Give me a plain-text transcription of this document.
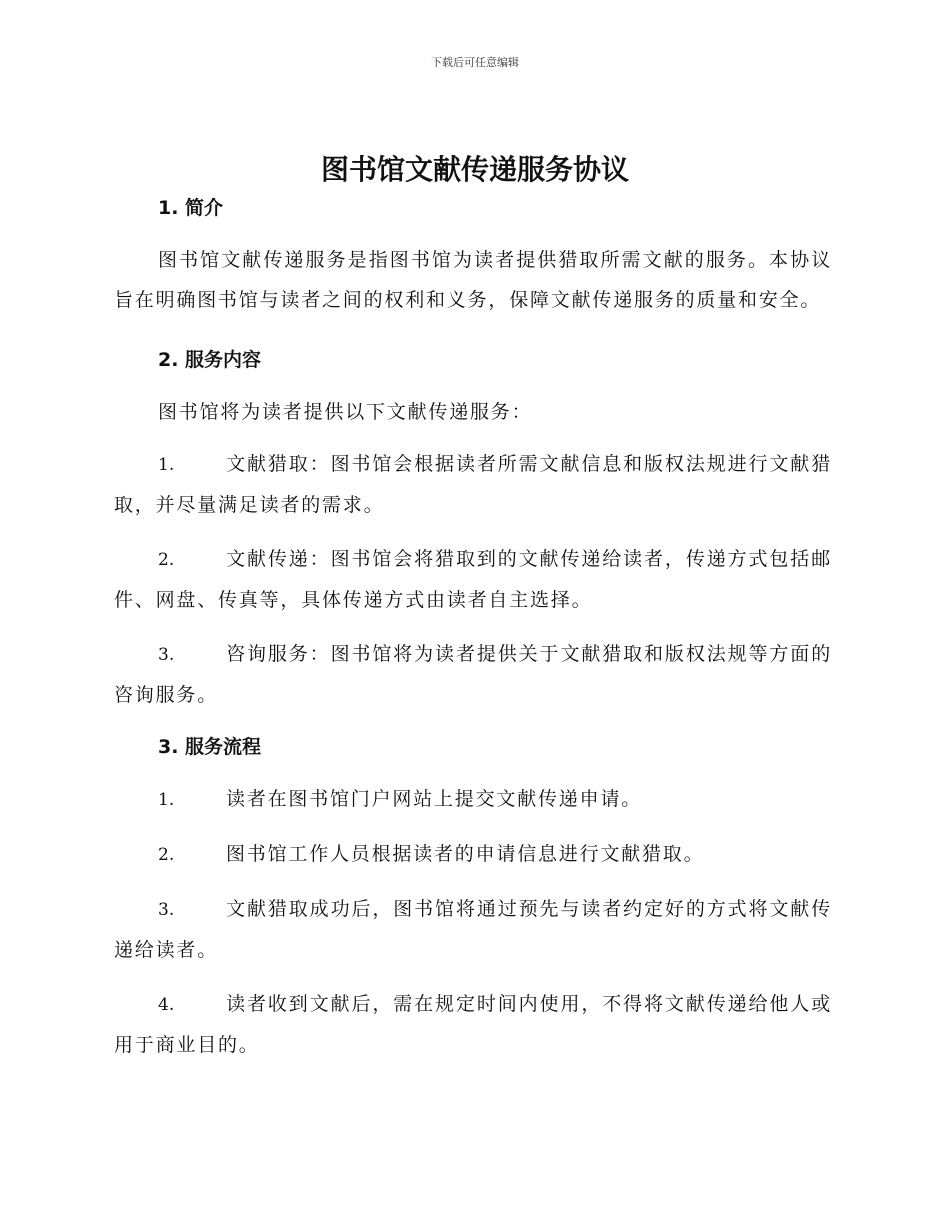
下载后可任意编辑
图书馆文献传递服务协议
1. 简介
图书馆文献传递服务是指图书馆为读者提供猎取所需文献的服务。本协议旨在明确图书馆与读者之间的权利和义务，保障文献传递服务的质量和安全。
2. 服务内容
图书馆将为读者提供以下文献传递服务：
1.	文献猎取：图书馆会根据读者所需文献信息和版权法规进行文献猎取，并尽量满足读者的需求。
2.	文献传递：图书馆会将猎取到的文献传递给读者，传递方式包括邮件、网盘、传真等，具体传递方式由读者自主选择。
3.	咨询服务：图书馆将为读者提供关于文献猎取和版权法规等方面的咨询服务。
3. 服务流程
1.	读者在图书馆门户网站上提交文献传递申请。
2.	图书馆工作人员根据读者的申请信息进行文献猎取。
3.	文献猎取成功后，图书馆将通过预先与读者约定好的方式将文献传递给读者。
4.	读者收到文献后，需在规定时间内使用，不得将文献传递给他人或用于商业目的。
